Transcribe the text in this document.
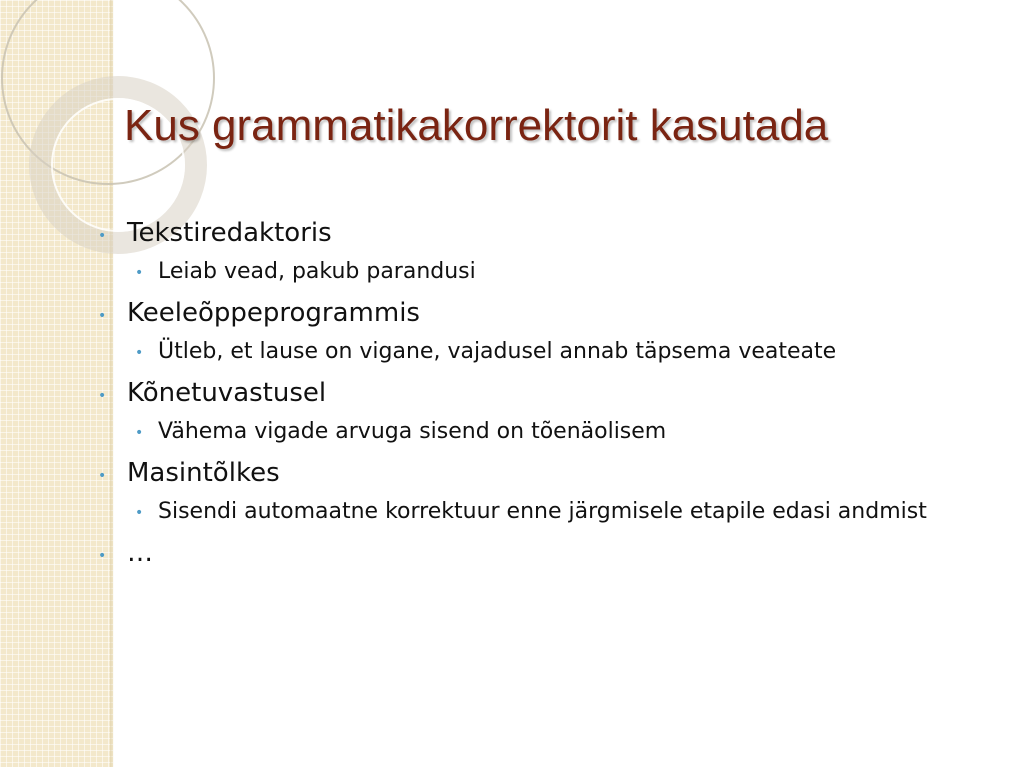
Kus grammatikakorrektorit kasutada
• Tekstiredaktoris
• Leiab vead, pakub parandusi
• Keeleõppeprogrammis
• Ütleb, et lause on vigane, vajadusel annab täpsema veateate
• Kõnetuvastusel
• Vähema vigade arvuga sisend on tõenäolisem
• Masintõlkes
• Sisendi automaatne korrektuur enne järgmisele etapile edasi andmist
• …
